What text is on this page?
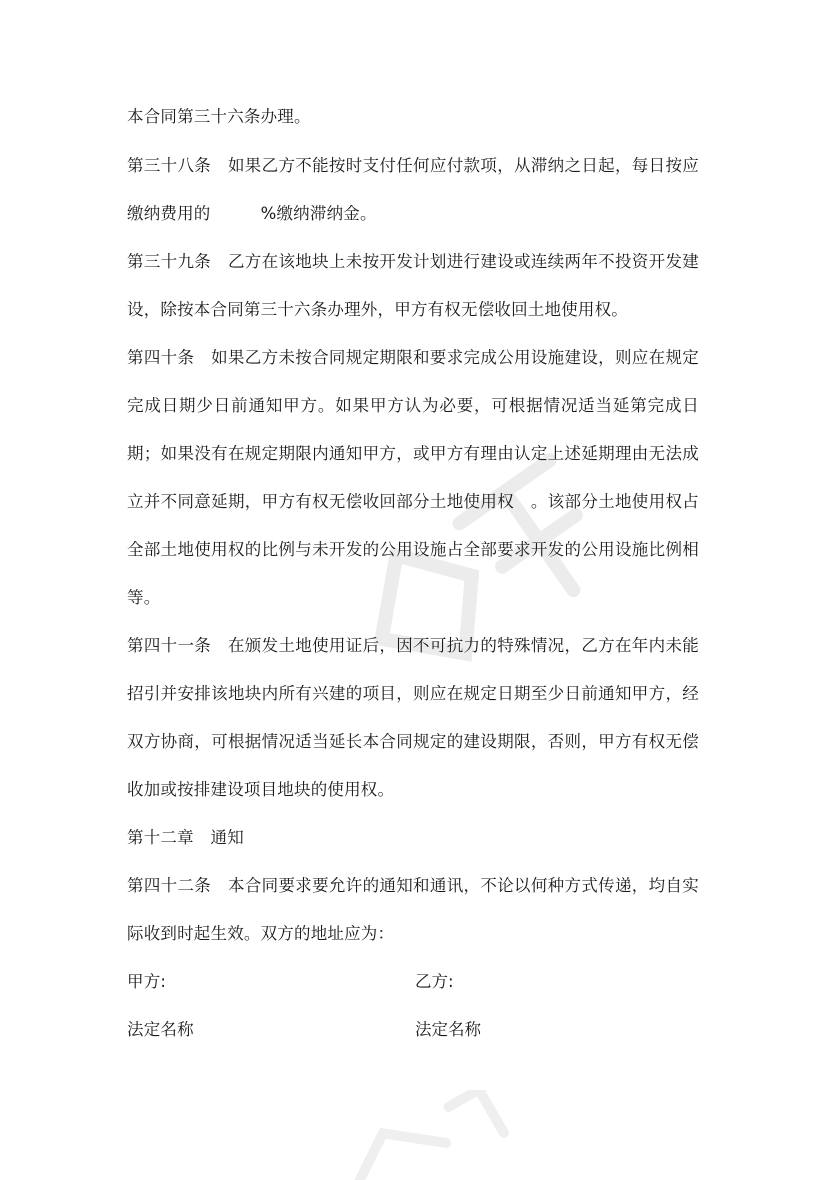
本合同第三十六条办理。
第三十八条　如果乙方不能按时支付任何应付款项，从滞纳之日起，每日按应
缴纳费用的　　　%缴纳滞纳金。
第三十九条　乙方在该地块上未按开发计划进行建设或连续两年不投资开发建
设，除按本合同第三十六条办理外，甲方有权无偿收回土地使用权。
第四十条　如果乙方未按合同规定期限和要求完成公用设施建设，则应在规定
完成日期少日前通知甲方。如果甲方认为必要，可根据情况适当延第完成日
期；如果没有在规定期限内通知甲方，或甲方有理由认定上述延期理由无法成
立并不同意延期，甲方有权无偿收回部分土地使用权　。该部分土地使用权占
全部土地使用权的比例与未开发的公用设施占全部要求开发的公用设施比例相
等。
第四十一条　在颁发土地使用证后，因不可抗力的特殊情况，乙方在年内未能
招引并安排该地块内所有兴建的项目，则应在规定日期至少日前通知甲方，经
双方协商，可根据情况适当延长本合同规定的建设期限，否则，甲方有权无偿
收加或按排建设项目地块的使用权。
第十二章　通知
第四十二条　本合同要求要允许的通知和通讯，不论以何种方式传递，均自实
际收到时起生效。双方的地址应为：
甲方:	乙方:
法定名称	法定名称
